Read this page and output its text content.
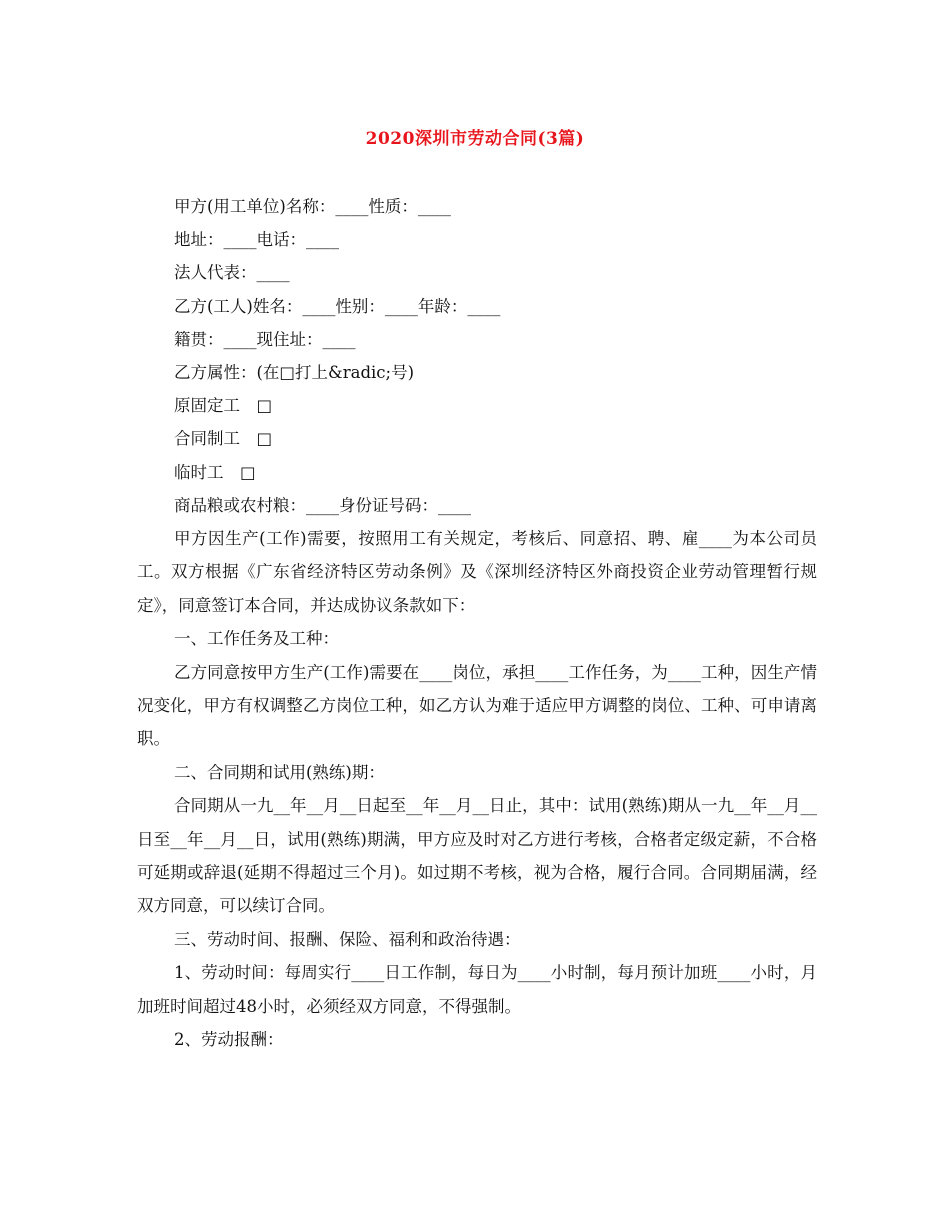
2020深圳市劳动合同(3篇)
甲方(用工单位)名称：____性质：____
地址：____电话：____
法人代表：____
乙方(工人)姓名：____性别：____年龄：____
籍贯：____现住址：____
乙方属性：(在□打上&radic;号)
原固定工　□
合同制工　□
临时工　□
商品粮或农村粮：____身份证号码：____

甲方因生产(工作)需要，按照用工有关规定，考核后、同意招、聘、雇____为本公司员工。双方根据《广东省经济特区劳动条例》及《深圳经济特区外商投资企业劳动管理暂行规定》，同意签订本合同，并达成协议条款如下：

一、工作任务及工种：

乙方同意按甲方生产(工作)需要在____岗位，承担____工作任务，为____工种，因生产情况变化，甲方有权调整乙方岗位工种，如乙方认为难于适应甲方调整的岗位、工种、可申请离职。

二、合同期和试用(熟练)期：

合同期从一九__年__月__日起至__年__月__日止，其中：试用(熟练)期从一九__年__月__日至__年__月__日，试用(熟练)期满，甲方应及时对乙方进行考核，合格者定级定薪，不合格可延期或辞退(延期不得超过三个月)。如过期不考核，视为合格，履行合同。合同期届满，经双方同意，可以续订合同。

三、劳动时间、报酬、保险、福利和政治待遇：

1、劳动时间：每周实行____日工作制，每日为____小时制，每月预计加班____小时，月加班时间超过48小时，必须经双方同意，不得强制。

2、劳动报酬：
